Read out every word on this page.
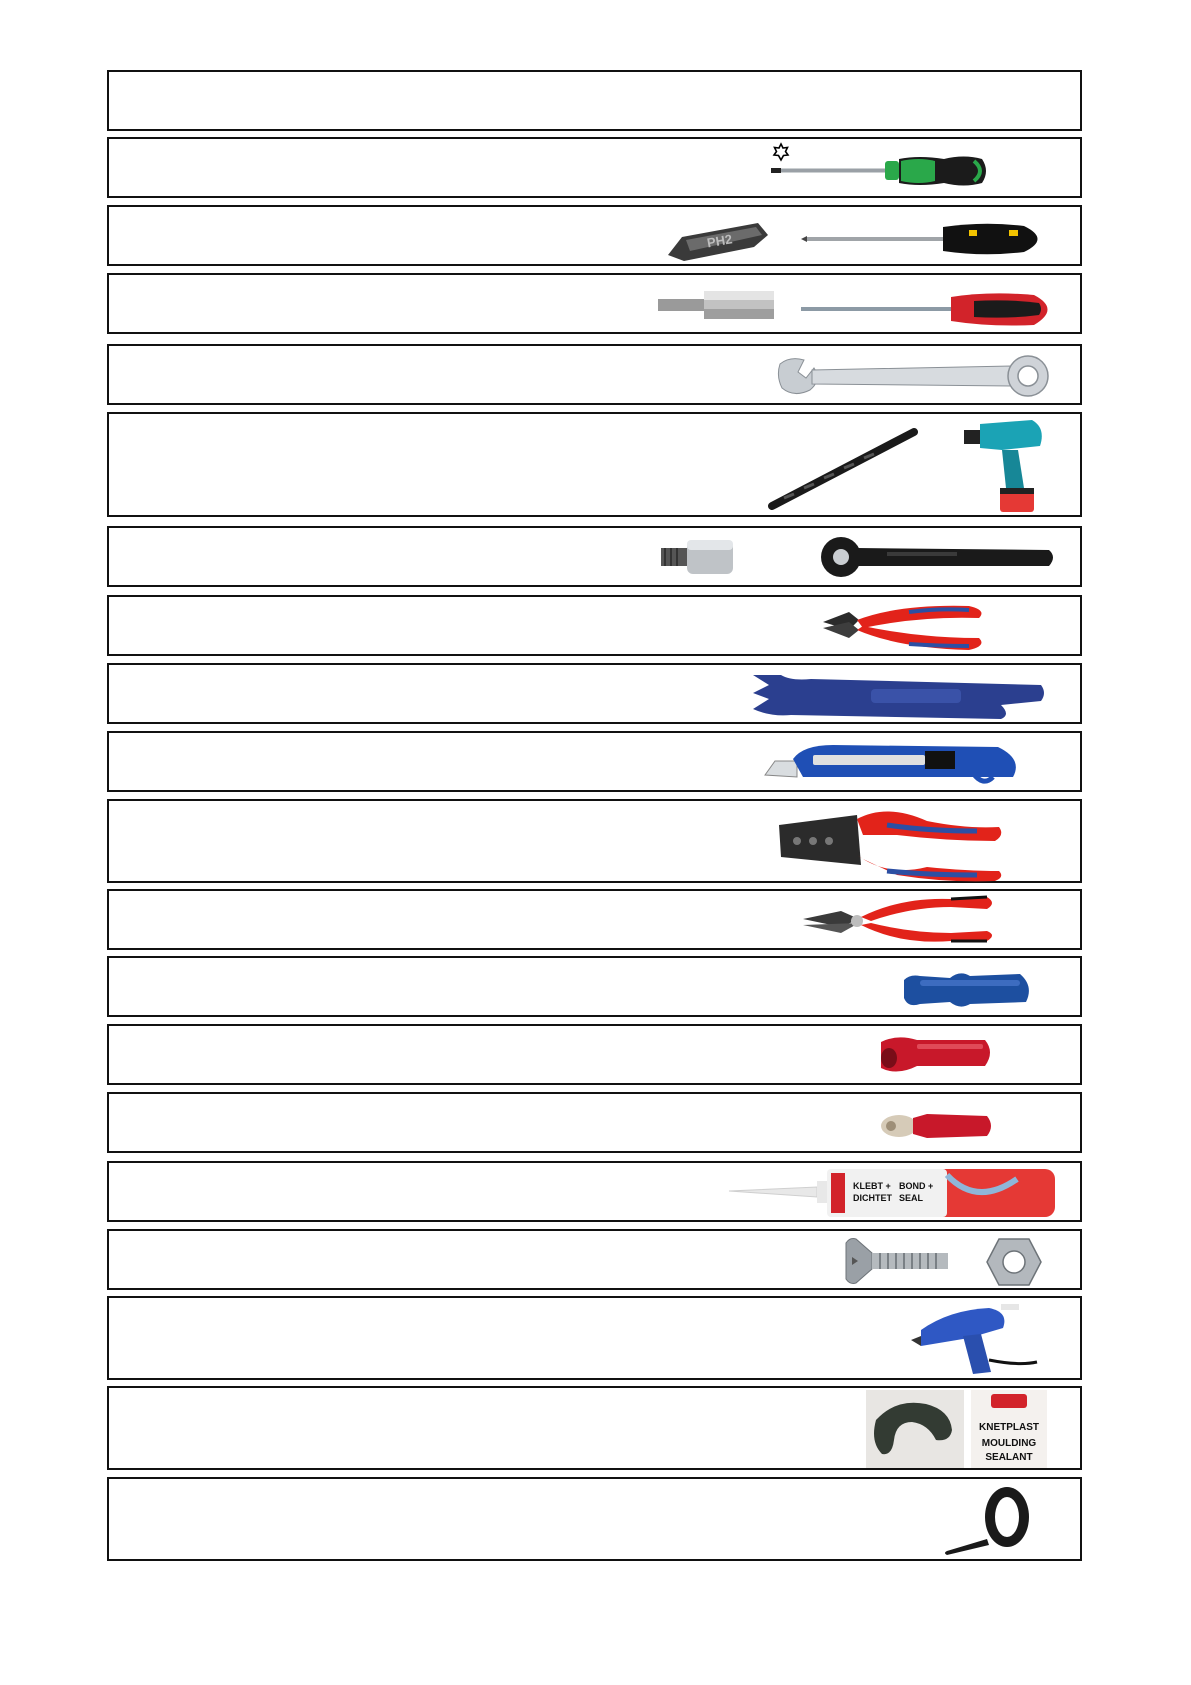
PH2
KLEBT +
DICHTET
BOND +
SEAL
KNETPLAST
MOULDING
SEALANT
